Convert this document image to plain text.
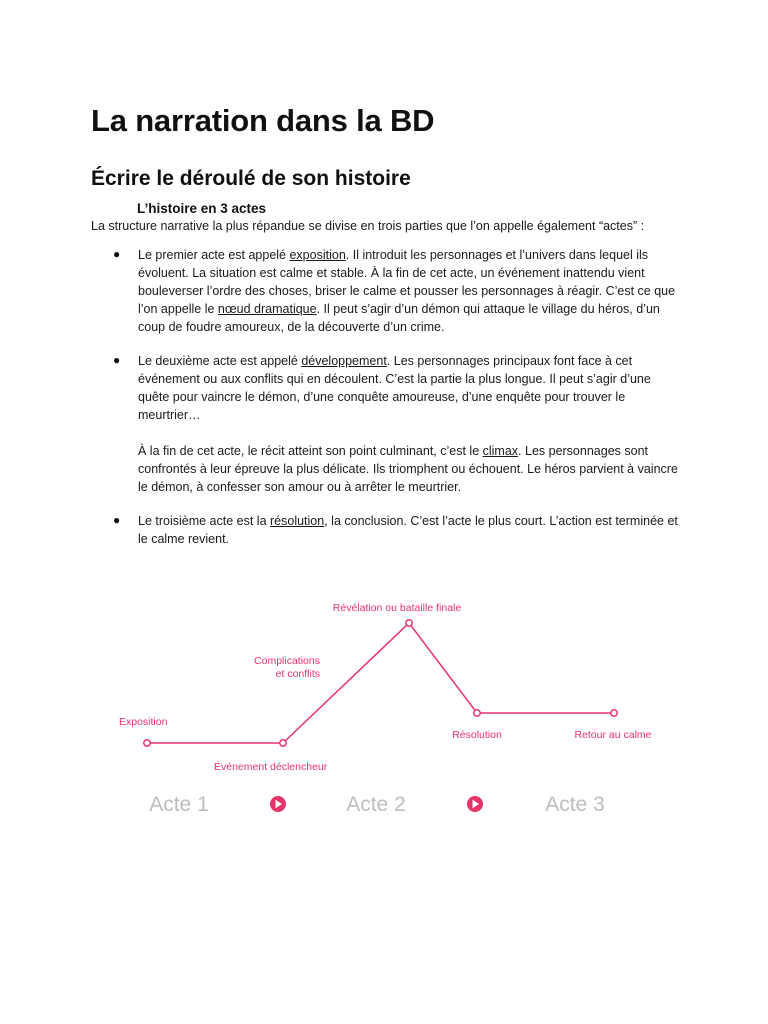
La narration dans la BD
Écrire le déroulé de son histoire
L’histoire en 3 actes
La structure narrative la plus répandue se divise en trois parties que l’on appelle également “actes” :
● Le premier acte est appelé exposition. Il introduit les personnages et l’univers dans lequel ils évoluent. La situation est calme et stable. À la fin de cet acte, un événement inattendu vient bouleverser l’ordre des choses, briser le calme et pousser les personnages à réagir. C’est ce que l’on appelle le nœud dramatique. Il peut s’agir d’un démon qui attaque le village du héros, d’un coup de foudre amoureux, de la découverte d’un crime.
● Le deuxième acte est appelé développement. Les personnages principaux font face à cet événement ou aux conflits qui en découlent. C’est la partie la plus longue. Il peut s’agir d’une quête pour vaincre le démon, d’une conquête amoureuse, d’une enquête pour trouver le meurtrier…
À la fin de cet acte, le récit atteint son point culminant, c’est le climax. Les personnages sont confrontés à leur épreuve la plus délicate. Ils triomphent ou échouent. Le héros parvient à vaincre le démon, à confesser son amour ou à arrêter le meurtrier.
● Le troisième acte est la résolution, la conclusion. C’est l’acte le plus court. L’action est terminée et le calme revient.
Exposition
Événement déclencheur
Complications
et conflits
Révélation ou bataille finale
Résolution	Retour au calme
Acte 1	Acte 2	Acte 3
